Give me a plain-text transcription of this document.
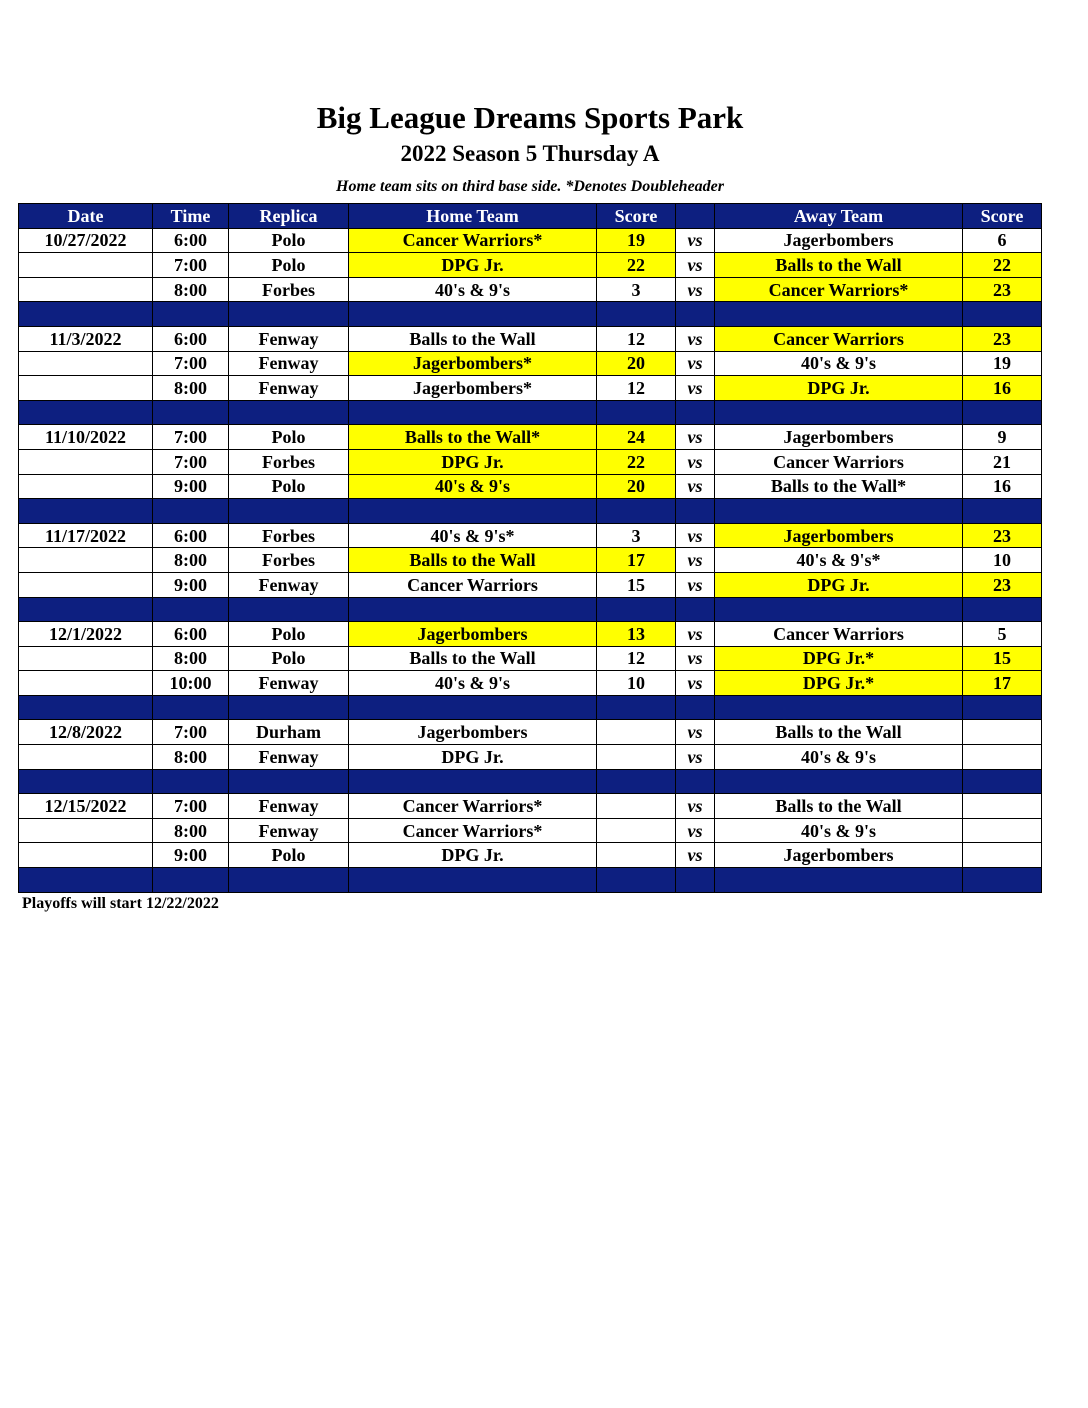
Big League Dreams Sports Park
2022 Season 5 Thursday A
Home team sits on third base side. *Denotes Doubleheader
Date	Time	Replica	Home Team	Score		Away Team	Score
10/27/2022	6:00	Polo	Cancer Warriors*	19	vs	Jagerbombers	6
	7:00	Polo	DPG Jr.	22	vs	Balls to the Wall	22
	8:00	Forbes	40's & 9's	3	vs	Cancer Warriors*	23

11/3/2022	6:00	Fenway	Balls to the Wall	12	vs	Cancer Warriors	23
	7:00	Fenway	Jagerbombers*	20	vs	40's & 9's	19
	8:00	Fenway	Jagerbombers*	12	vs	DPG Jr.	16

11/10/2022	7:00	Polo	Balls to the Wall*	24	vs	Jagerbombers	9
	7:00	Forbes	DPG Jr.	22	vs	Cancer Warriors	21
	9:00	Polo	40's & 9's	20	vs	Balls to the Wall*	16

11/17/2022	6:00	Forbes	40's & 9's*	3	vs	Jagerbombers	23
	8:00	Forbes	Balls to the Wall	17	vs	40's & 9's*	10
	9:00	Fenway	Cancer Warriors	15	vs	DPG Jr.	23

12/1/2022	6:00	Polo	Jagerbombers	13	vs	Cancer Warriors	5
	8:00	Polo	Balls to the Wall	12	vs	DPG Jr.*	15
	10:00	Fenway	40's & 9's	10	vs	DPG Jr.*	17

12/8/2022	7:00	Durham	Jagerbombers		vs	Balls to the Wall	
	8:00	Fenway	DPG Jr.		vs	40's & 9's	

12/15/2022	7:00	Fenway	Cancer Warriors*		vs	Balls to the Wall	
	8:00	Fenway	Cancer Warriors*		vs	40's & 9's	
	9:00	Polo	DPG Jr.		vs	Jagerbombers	

Playoffs will start 12/22/2022
